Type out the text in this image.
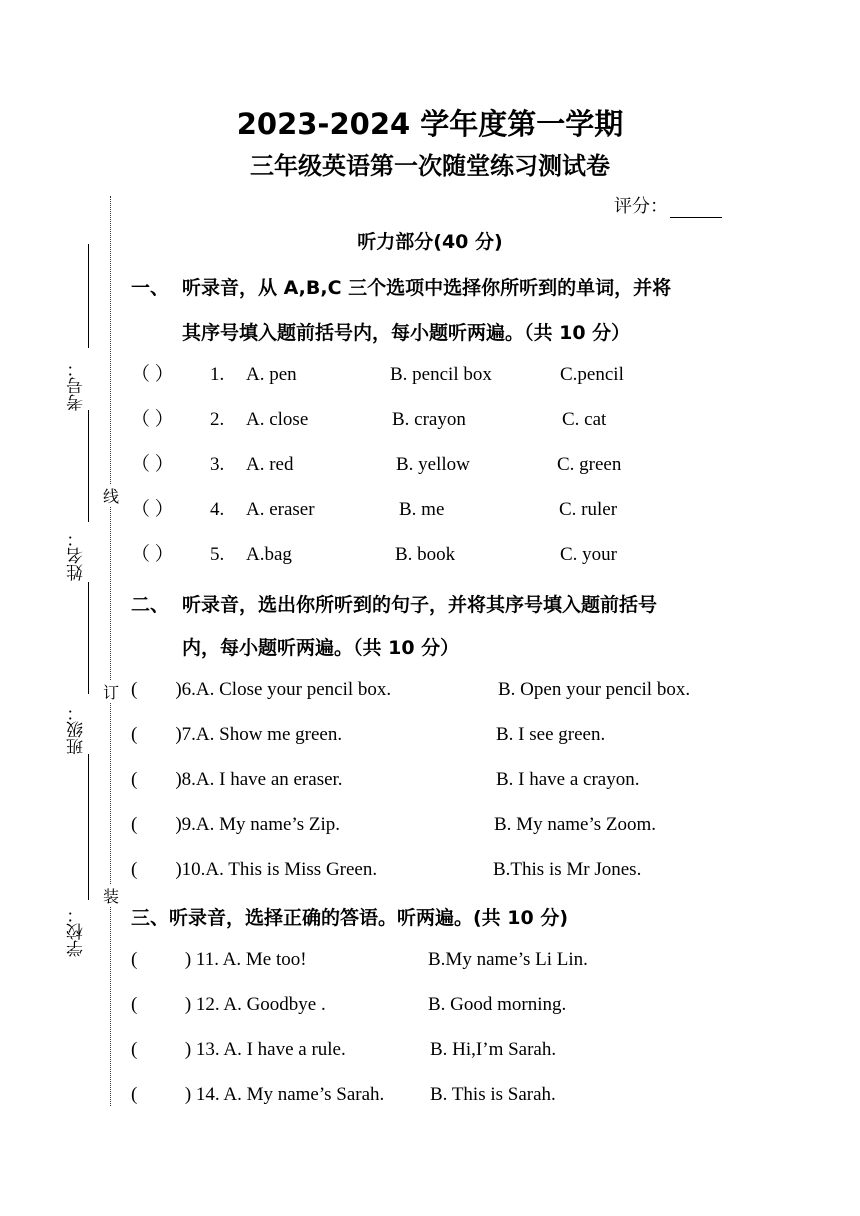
2023-2024 学年度第一学期
三年级英语第一次随堂练习测试卷
评分：
听力部分(40 分)
考号：
姓名：
班级：
学校：
线
订
装
一、 听录音，从 A,B,C 三个选项中选择你所听到的单词，并将
其序号填入题前括号内，每小题听两遍。（共 10 分）
（ ） 1. A. pen	B. pencil box	C.pencil
（ ） 2. A. close	B. crayon	C. cat
（ ） 3. A. red	B. yellow	C. green
（ ） 4. A. eraser	B. me	C. ruler
（ ） 5. A.bag	B. book	C. your
二、 听录音，选出你所听到的句子，并将其序号填入题前括号
内，每小题听两遍。（共 10 分）
(        )6.A. Close your pencil box.	B. Open your pencil box.
(        )7.A. Show me green.	B. I see green.
(        )8.A. I have an eraser.	B. I have a crayon.
(        )9.A. My name’s Zip.	B. My name’s Zoom.
(        )10.A. This is Miss Green.	B.This is Mr Jones.
三、听录音，选择正确的答语。听两遍。(共 10 分)
(          ) 11. A. Me too!	B.My name’s Li Lin.
(          ) 12. A. Goodbye .	B. Good morning.
(          ) 13. A. I have a rule.	B. Hi,I’m Sarah.
(          ) 14. A. My name’s Sarah. B. This is Sarah.
